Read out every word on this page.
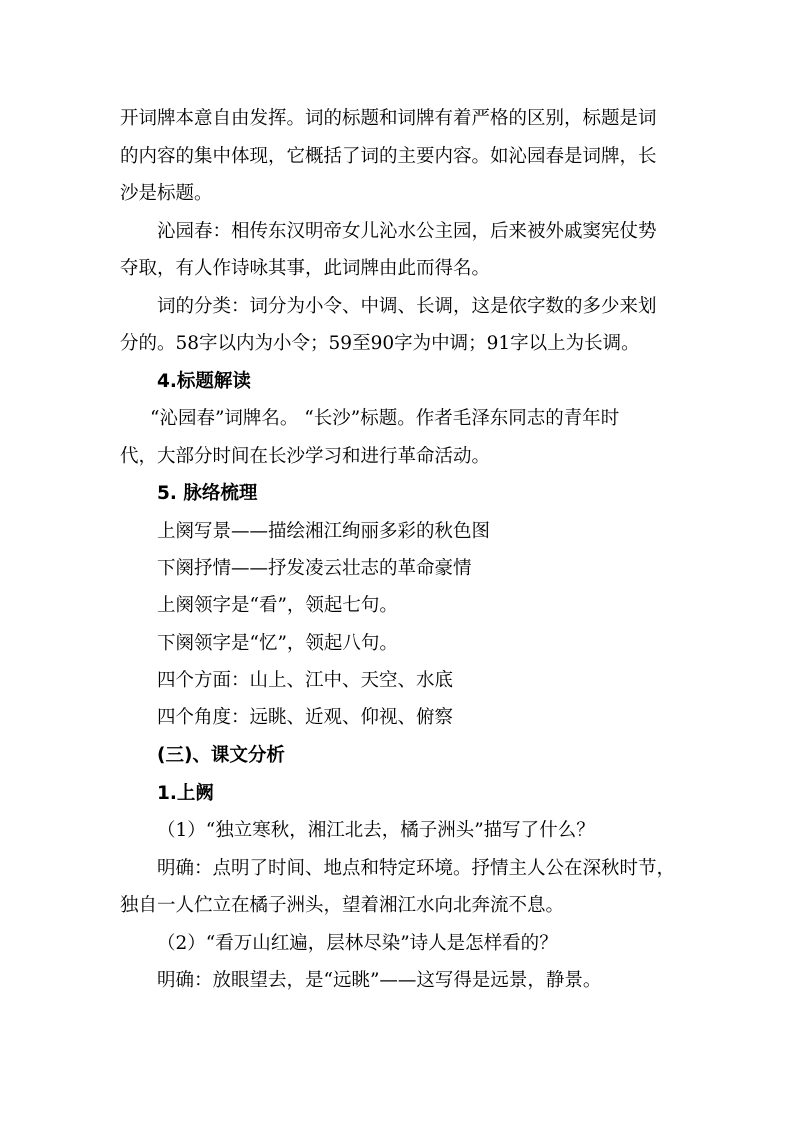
开词牌本意自由发挥。词的标题和词牌有着严格的区别，标题是词
的内容的集中体现，它概括了词的主要内容。如沁园春是词牌，长
沙是标题。
沁园春：相传东汉明帝女儿沁水公主园，后来被外戚窦宪仗势
夺取，有人作诗咏其事，此词牌由此而得名。
词的分类：词分为小令、中调、长调，这是依字数的多少来划
分的。58字以内为小令；59至90字为中调；91字以上为长调。
4.标题解读
“沁园春”词牌名。 “长沙”标题。作者毛泽东同志的青年时
代，大部分时间在长沙学习和进行革命活动。
5. 脉络梳理
上阕写景——描绘湘江绚丽多彩的秋色图
下阕抒情——抒发凌云壮志的革命豪情
上阕领字是“看”，领起七句。
下阕领字是“忆”，领起八句。
四个方面：山上、江中、天空、水底
四个角度：远眺、近观、仰视、俯察
(三)、课文分析
1.上阙
（1）“独立寒秋，湘江北去，橘子洲头”描写了什么？
明确：点明了时间、地点和特定环境。抒情主人公在深秋时节，
独自一人伫立在橘子洲头，望着湘江水向北奔流不息。
（2）“看万山红遍，层林尽染”诗人是怎样看的？
明确：放眼望去，是“远眺”——这写得是远景，静景。
